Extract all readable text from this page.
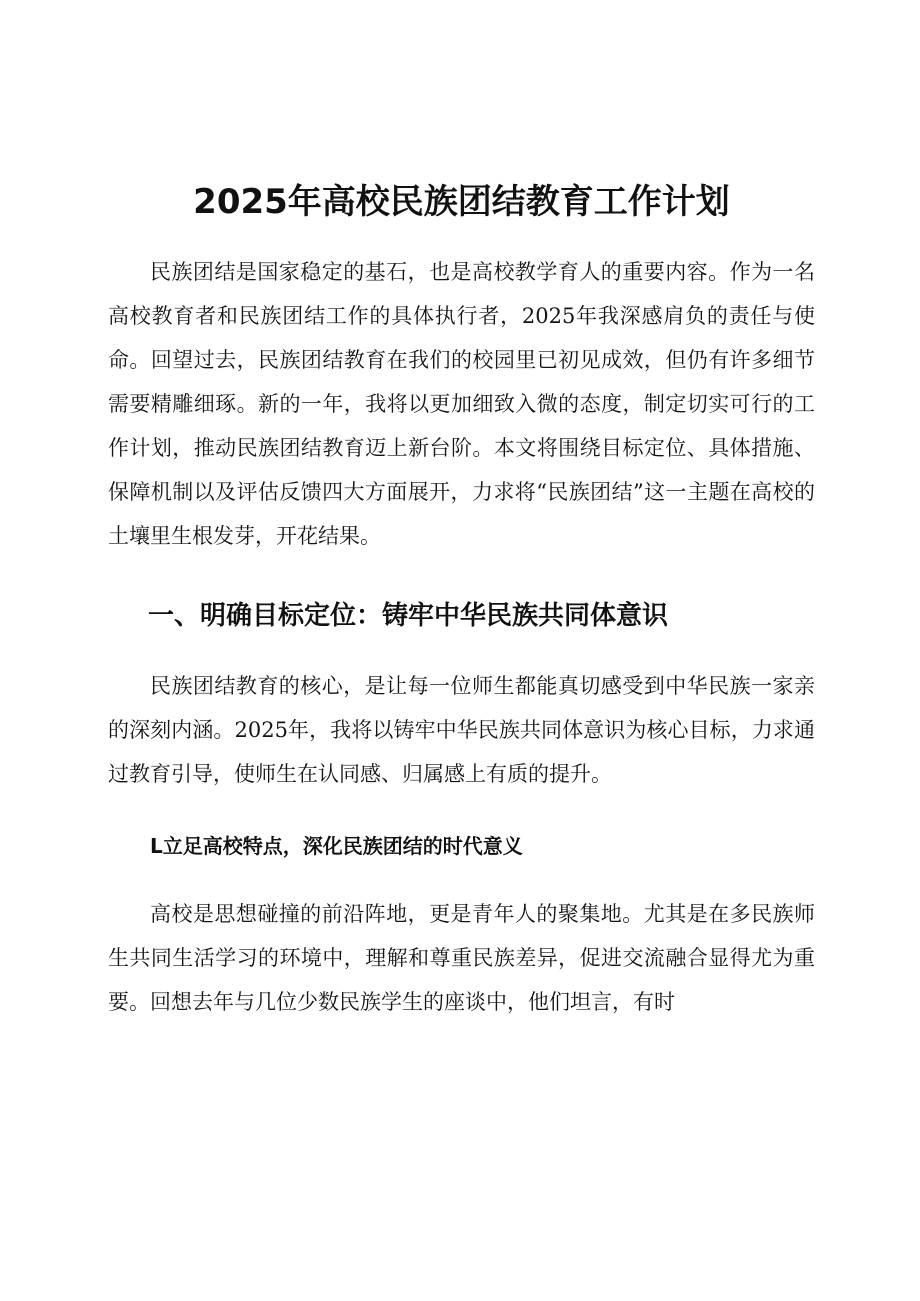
2025年高校民族团结教育工作计划

民族团结是国家稳定的基石，也是高校教学育人的重要内容。作为一名高校教育者和民族团结工作的具体执行者，2025年我深感肩负的责任与使命。回望过去，民族团结教育在我们的校园里已初见成效，但仍有许多细节需要精雕细琢。新的一年，我将以更加细致入微的态度，制定切实可行的工作计划，推动民族团结教育迈上新台阶。本文将围绕目标定位、具体措施、保障机制以及评估反馈四大方面展开，力求将“民族团结”这一主题在高校的土壤里生根发芽，开花结果。

一、明确目标定位：铸牢中华民族共同体意识

民族团结教育的核心，是让每一位师生都能真切感受到中华民族一家亲的深刻内涵。2025年，我将以铸牢中华民族共同体意识为核心目标，力求通过教育引导，使师生在认同感、归属感上有质的提升。

L立足高校特点，深化民族团结的时代意义

高校是思想碰撞的前沿阵地，更是青年人的聚集地。尤其是在多民族师生共同生活学习的环境中，理解和尊重民族差异，促进交流融合显得尤为重要。回想去年与几位少数民族学生的座谈中，他们坦言，有时
